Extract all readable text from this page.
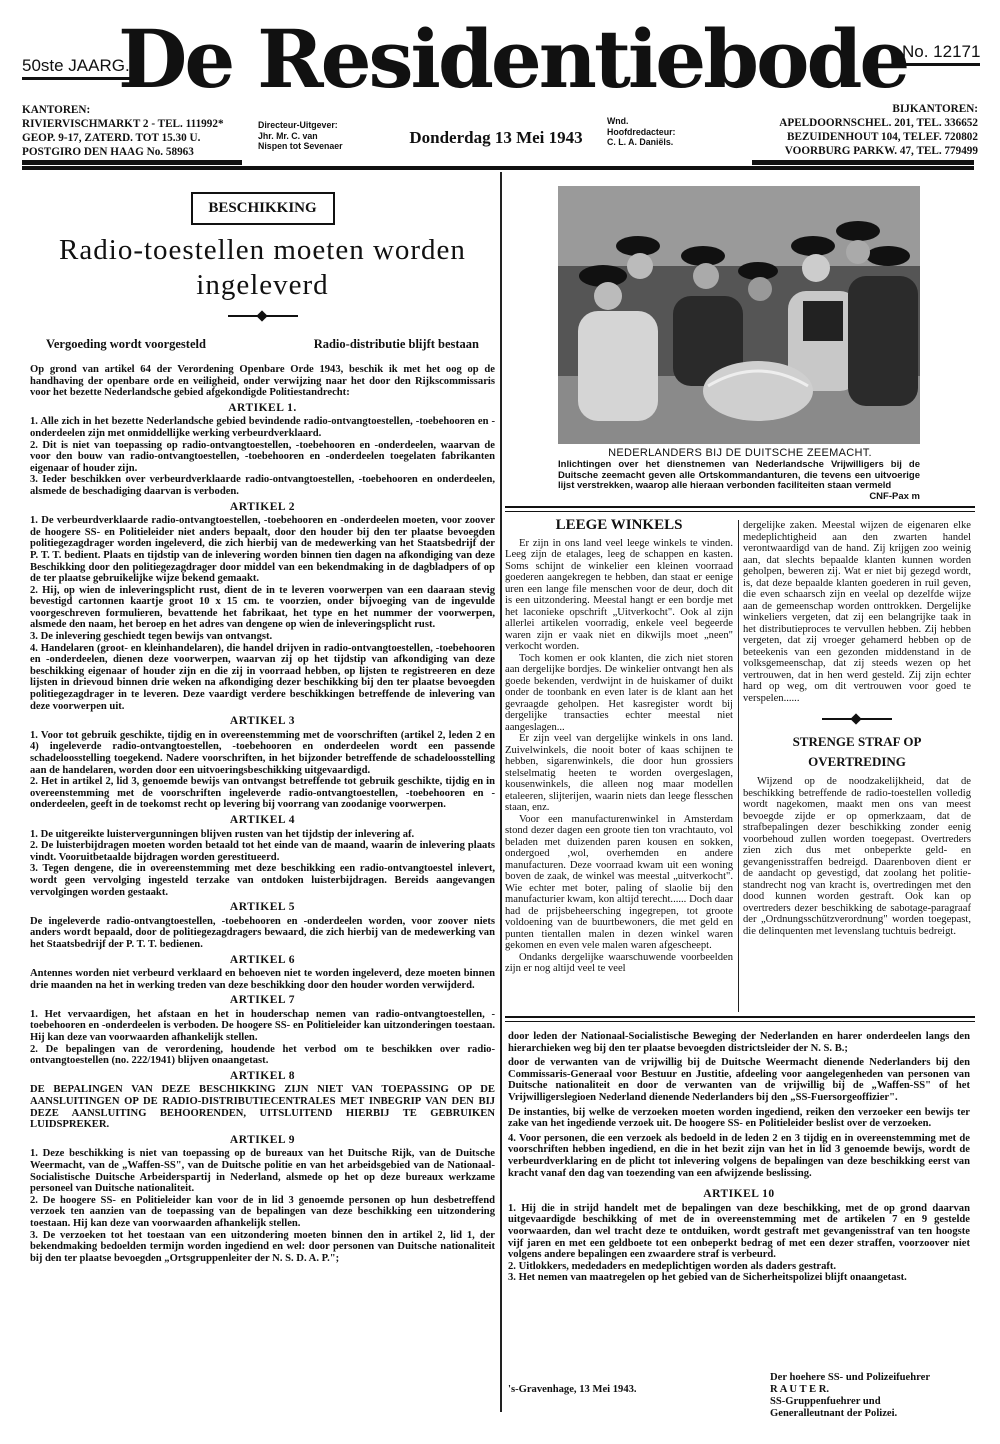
50ste JAARG.
De Residentiebode
No. 12171
KANTOREN:
RIVIERVISCHMARKT 2 - TEL. 111992*
GEOP. 9-17, ZATERD. TOT 15.30 U.
POSTGIRO DEN HAAG No. 58963
Directeur-Uitgever:
Jhr. Mr. C. van
Nispen tot Sevenaer	Donderdag 13 Mei 1943
Wnd.
Hoofdredacteur:
C. L. A. Daniëls.
BIJKANTOREN:
APELDOORNSCHEL. 201, TEL. 336652
BEZUIDENHOUT 104, TELEF. 720802
VOORBURG PARKW. 47, TEL. 779499
BESCHIKKING
Radio-toestellen moeten worden ingeleverd
Vergoeding wordt voorgesteld	Radio-distributie blijft bestaan

Op grond van artikel 64 der Verordening Openbare Orde 1943, beschik ik met het oog op de handhaving der openbare orde en veiligheid, onder verwijzing naar het door den Rijkscommissaris voor het bezette Nederlandsche gebied afgekondigde Politiestandrecht:

ARTIKEL 1.

1. Alle zich in het bezette Nederlandsche gebied bevindende radio-ontvangtoestellen, -toebehooren en -onderdeelen zijn met onmiddellijke werking verbeurdverklaard.

2. Dit is niet van toepassing op radio-ontvangtoestellen, -toebehooren en -onderdeelen, waarvan de voor den bouw van radio-ontvangtoestellen, -toebehooren en -onderdeelen toegelaten fabrikanten eigenaar of houder zijn.

3. Ieder beschikken over verbeurdverklaarde radio-ontvangtoestellen, -toebehooren en onderdeelen, alsmede de beschadiging daarvan is verboden.

ARTIKEL 2

1. De verbeurdverklaarde radio-ontvangtoestellen, -toebehooren en -onderdeelen moeten, voor zoover de hoogere SS- en Politieleider niet anders bepaalt, door den houder bij den ter plaatse bevoegden politiegezagdrager worden ingeleverd, die zich hierbij van de medewerking van het Staatsbedrijf der P. T. T. bedient. Plaats en tijdstip van de inlevering worden binnen tien dagen na afkondiging van deze Beschikking door den politiegezagdrager door middel van een bekendmaking in de dagbladpers of op de ter plaatse gebruikelijke wijze bekend gemaakt.

2. Hij, op wien de inleveringsplicht rust, dient de in te leveren voorwerpen van een daaraan stevig bevestigd cartonnen kaartje groot 10 x 15 cm. te voorzien, onder bijvoeging van de ingevulde voorgeschreven formulieren, bevattende het fabrikaat, het type en het nummer der voorwerpen, alsmede den naam, het beroep en het adres van dengene op wien de inleveringsplicht rust.

3. De inlevering geschiedt tegen bewijs van ontvangst.

4. Handelaren (groot- en kleinhandelaren), die handel drijven in radio-ontvangtoestellen, -toebehooren en -onderdeelen, dienen deze voorwerpen, waarvan zij op het tijdstip van afkondiging van deze beschikking eigenaar of houder zijn en die zij in voorraad hebben, op lijsten te registreeren en deze lijsten in drievoud binnen drie weken na afkondiging dezer beschikking bij den ter plaatse bevoegden politiegezagdrager in te leveren. Deze vaardigt verdere beschikkingen betreffende de inlevering van deze voorwerpen uit.

ARTIKEL 3

1. Voor tot gebruik geschikte, tijdig en in overeenstemming met de voorschriften (artikel 2, leden 2 en 4) ingeleverde radio-ontvangtoestellen, -toebehooren en onderdeelen wordt een passende schadeloosstelling toegekend. Nadere voorschriften, in het bijzonder betreffende de schadeloosstelling aan de handelaren, worden door een uitvoeringsbeschikking uitgevaardigd.

2. Het in artikel 2, lid 3, genoemde bewijs van ontvangst betreffende tot gebruik geschikte, tijdig en in overeenstemming met de voorschriften ingeleverde radio-ontvangtoestellen, -toebehooren en -onderdeelen, geeft in de toekomst recht op levering bij voorrang van zoodanige voorwerpen.

ARTIKEL 4

1. De uitgereikte luistervergunningen blijven rusten van het tijdstip der inlevering af.

2. De luisterbijdragen moeten worden betaald tot het einde van de maand, waarin de inlevering plaats vindt. Vooruitbetaalde bijdragen worden gerestitueerd.

3. Tegen dengene, die in overeenstemming met deze beschikking een radio-ontvangtoestel inlevert, wordt geen vervolging ingesteld terzake van ontdoken luisterbijdragen. Bereids aangevangen vervolgingen worden gestaakt.

ARTIKEL 5

De ingeleverde radio-ontvangtoestellen, -toebehooren en -onderdeelen worden, voor zoover niets anders wordt bepaald, door de politiegezagdragers bewaard, die zich hierbij van de medewerking van het Staatsbedrijf der P. T. T. bedienen.

ARTIKEL 6

Antennes worden niet verbeurd verklaard en behoeven niet te worden ingeleverd, deze moeten binnen drie maanden na het in werking treden van deze beschikking door den houder worden verwijderd.

ARTIKEL 7

1. Het vervaardigen, het afstaan en het in houderschap nemen van radio-ontvangtoestellen, -toebehooren en -onderdeelen is verboden. De hoogere SS- en Politieleider kan uitzonderingen toestaan. Hij kan deze van voorwaarden afhankelijk stellen.

2. De bepalingen van de verordening, houdende het verbod om te beschikken over radio-ontvangtoestellen (no. 222/1941) blijven onaangetast.

ARTIKEL 8

DE BEPALINGEN VAN DEZE BESCHIKKING ZIJN NIET VAN TOEPASSING OP DE AANSLUITINGEN OP DE RADIO-DISTRIBUTIECENTRALES MET INBEGRIP VAN DEN BIJ DEZE AANSLUITING BEHOORENDEN, UITSLUITEND HIERBIJ TE GEBRUIKEN LUIDSPREKER.

ARTIKEL 9

1. Deze beschikking is niet van toepassing op de bureaux van het Duitsche Rijk, van de Duitsche Weermacht, van de „Waffen-SS", van de Duitsche politie en van het arbeidsgebied van de Nationaal-Socialistische Duitsche Arbeiderspartij in Nederland, alsmede op het op deze bureaux werkzame personeel van Duitsche nationaliteit.

2. De hoogere SS- en Politieleider kan voor de in lid 3 genoemde personen op hun desbetreffend verzoek ten aanzien van de toepassing van de bepalingen van deze beschikking een uitzondering toestaan. Hij kan deze van voorwaarden afhankelijk stellen.

3. De verzoeken tot het toestaan van een uitzondering moeten binnen den in artikel 2, lid 1, der bekendmaking bedoelden termijn worden ingediend en wel: door personen van Duitsche nationaliteit bij den ter plaatse bevoegden „Ortsgruppenleiter der N. S. D. A. P.";

NEDERLANDERS BIJ DE DUITSCHE ZEEMACHT.
Inlichtingen over het dienstnemen van Nederlandsche Vrijwilligers bij de Duitsche zeemacht geven alle Ortskommandanturen, die tevens een uitvoerige lijst verstrekken, waarop alle hieraan verbonden faciliteiten staan vermeld
CNF-Pax m
LEEGE WINKELS

Er zijn in ons land veel leege winkels te vinden. Leeg zijn de etalages, leeg de schappen en kasten. Soms schijnt de winkelier een kleinen voorraad goederen aangekregen te hebben, dan staat er eenige uren een lange file menschen voor de deur, doch dit is een uitzondering. Meestal hangt er een bordje met het laconieke opschrift „Uitverkocht". Ook al zijn allerlei artikelen voorradig, enkele veel begeerde waren zijn er vaak niet en dikwijls moet „neen" verkocht worden.

Toch komen er ook klanten, die zich niet storen aan dergelijke bordjes. De winkelier ontvangt hen als goede bekenden, verdwijnt in de huiskamer of duikt onder de toonbank en even later is de klant aan het gevraagde geholpen. Het kasregister wordt bij dergelijke transacties echter meestal niet aangeslagen...

Er zijn veel van dergelijke winkels in ons land. Zuivelwinkels, die nooit boter of kaas schijnen te hebben, sigarenwinkels, die door hun grossiers stelselmatig heeten te worden overgeslagen, kousenwinkels, die alleen nog maar modellen etaleeren, slijterijen, waarin niets dan leege flesschen staan, enz.

Voor een manufacturenwinkel in Amsterdam stond dezer dagen een groote tien ton vrachtauto, vol beladen met duizenden paren kousen en sokken, ondergoed ,wol, overhemden en andere manufacturen. Deze voorraad kwam uit een woning boven de zaak, de winkel was meestal „uitverkocht". Wie echter met boter, paling of slaolie bij den manufacturier kwam, kon altijd terecht...... Doch daar had de prijsbeheersching ingegrepen, tot groote voldoening van de buurtbewoners, die met geld en punten tientallen malen in dezen winkel waren gekomen en even vele malen waren afgescheept.

Ondanks dergelijke waarschuwende voorbeelden zijn er nog altijd veel te veel

dergelijke zaken. Meestal wijzen de eigenaren elke medeplichtigheid aan den zwarten handel verontwaardigd van de hand. Zij krijgen zoo weinig aan, dat slechts bepaalde klanten kunnen worden geholpen, beweren zij. Wat er niet bij gezegd wordt, is, dat deze bepaalde klanten goederen in ruil geven, die even schaarsch zijn en veelal op dezelfde wijze aan de gemeenschap worden onttrokken. Dergelijke winkeliers vergeten, dat zij een belangrijke taak in het distributieproces te vervullen hebben. Zij hebben vergeten, dat zij vroeger gehamerd hebben op de beteekenis van een gezonden middenstand in de volksgemeenschap, dat zij steeds wezen op het vertrouwen, dat in hen werd gesteld. Zij zijn echter hard op weg, om dit vertrouwen voor goed te verspelen......

STRENGE STRAF OP OVERTREDING

Wijzend op de noodzakelijkheid, dat de beschikking betreffende de radio-toestellen volledig wordt nagekomen, maakt men ons van meest bevoegde zijde er op opmerkzaam, dat de strafbepalingen dezer beschikking zonder eenig voorbehoud zullen worden toegepast. Overtreders zien zich dus met onbeperkte geld- en gevangenisstraffen bedreigd. Daarenboven dient er de aandacht op gevestigd, dat zoolang het politie-standrecht nog van kracht is, overtredingen met den dood kunnen worden gestraft. Ook kan op overtreders dezer beschikking de sabotage-paragraaf der „Ordnungsschützverordnung" worden toegepast, die delinquenten met levenslang tuchtuis bedreigt.

door leden der Nationaal-Socialistische Beweging der Nederlanden en harer onderdeelen langs den hierarchieken weg bij den ter plaatse bevoegden districtsleider der N. S. B.;

door de verwanten van de vrijwillig bij de Duitsche Weermacht dienende Nederlanders bij den Commissaris-Generaal voor Bestuur en Justitie, afdeeling voor aangelegenheden van personen van Duitsche nationaliteit en door de verwanten van de vrijwillig bij de „Waffen-SS" of het Vrijwilligerslegioen Nederland dienende Nederlanders bij den „SS-Fuersorgeoffizier".

De instanties, bij welke de verzoeken moeten worden ingediend, reiken den verzoeker een bewijs ter zake van het ingediende verzoek uit. De hoogere SS- en Politieleider beslist over de verzoeken.

4. Voor personen, die een verzoek als bedoeld in de leden 2 en 3 tijdig en in overeenstemming met de voorschriften hebben ingediend, en die in het bezit zijn van het in lid 3 genoemde bewijs, wordt de verbeurdverklaring en de plicht tot inlevering volgens de bepalingen van deze beschikking eerst van kracht vanaf den dag van toezending van een afwijzende beslissing.

ARTIKEL 10

1. Hij die in strijd handelt met de bepalingen van deze beschikking, met de op grond daarvan uitgevaardigde beschikking of met de in overeenstemming met de artikelen 7 en 9 gestelde voorwaarden, dan wel tracht deze te ontduiken, wordt gestraft met gevangenisstraf van ten hoogste vijf jaren en met een geldboete tot een onbeperkt bedrag of met een dezer straffen, voorzoover niet volgens andere bepalingen een zwaardere straf is verbeurd.

2. Uitlokkers, mededaders en medeplichtigen worden als daders gestraft.

3. Het nemen van maatregelen op het gebied van de Sicherheitspolizei blijft onaangetast.

's-Gravenhage, 13 Mei 1943.
Der hoehere SS- und Polizeifuehrer
R A U T E R.
SS-Gruppenfuehrer und
Generalleutnant der Polizei.
